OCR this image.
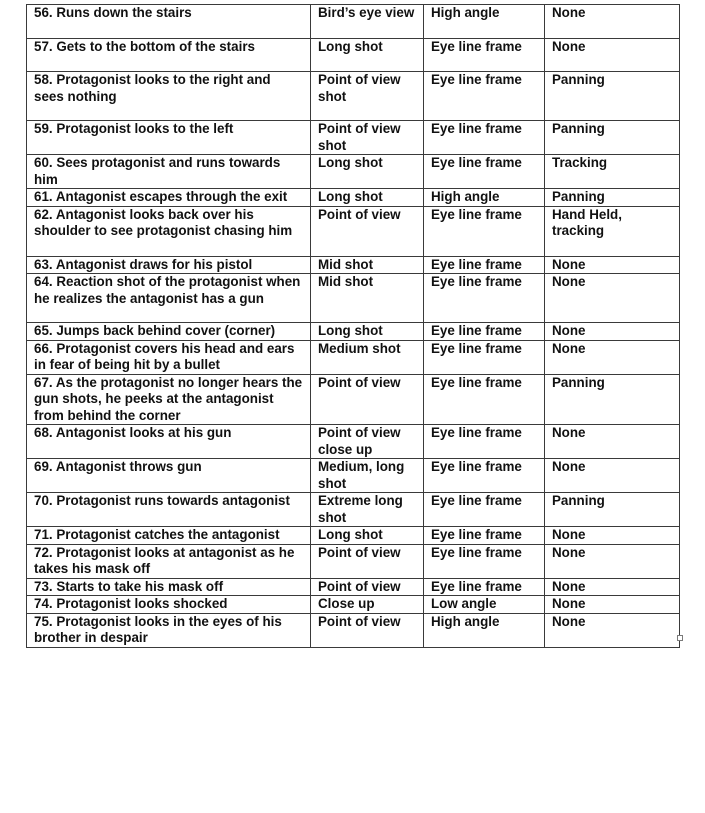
56. Runs down the stairs	Bird’s eye view	High angle	None
57. Gets to the bottom of the stairs	Long shot	Eye line frame	None
58. Protagonist looks to the right and sees nothing	Point of view shot	Eye line frame	Panning
59. Protagonist looks to the left	Point of view shot	Eye line frame	Panning
60. Sees protagonist and runs towards him	Long shot	Eye line frame	Tracking
61. Antagonist escapes through the exit	Long shot	High angle	Panning
62. Antagonist looks back over his shoulder to see protagonist chasing him	Point of view	Eye line frame	Hand Held, tracking
63. Antagonist draws for his pistol	Mid shot	Eye line frame	None
64. Reaction shot of the protagonist when he realizes the antagonist has a gun	Mid shot	Eye line frame	None
65. Jumps back behind cover (corner)	Long shot	Eye line frame	None
66. Protagonist covers his head and ears in fear of being hit by a bullet	Medium shot	Eye line frame	None
67. As the protagonist no longer hears the gun shots, he peeks at the antagonist from behind the corner	Point of view	Eye line frame	Panning
68. Antagonist looks at his gun	Point of view close up	Eye line frame	None
69. Antagonist throws gun	Medium, long shot	Eye line frame	None
70. Protagonist runs towards antagonist	Extreme long shot	Eye line frame	Panning
71. Protagonist catches the antagonist	Long shot	Eye line frame	None
72. Protagonist looks at antagonist as he takes his mask off	Point of view	Eye line frame	None
73. Starts to take his mask off	Point of view	Eye line frame	None
74. Protagonist looks shocked	Close up	Low angle	None
75. Protagonist looks in the eyes of his brother in despair	Point of view	High angle	None
